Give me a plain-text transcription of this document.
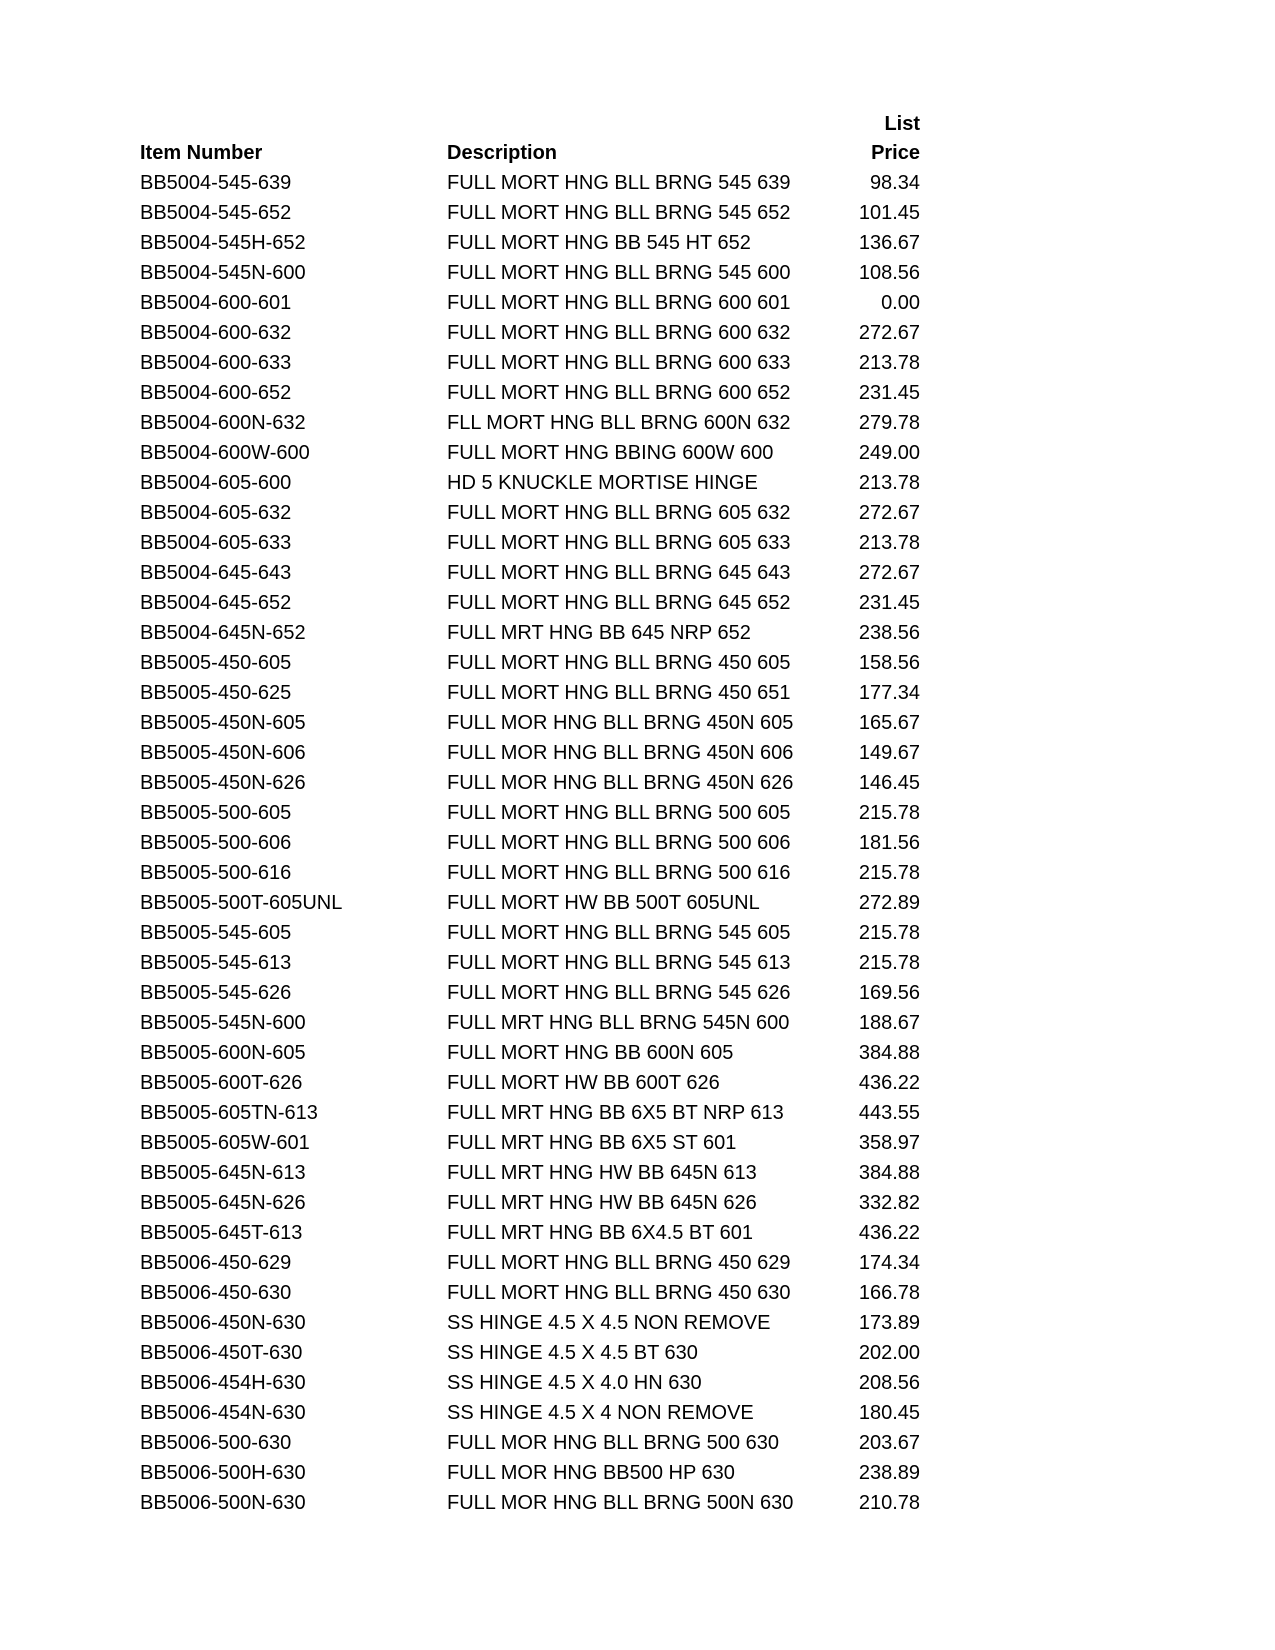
Item Number	Description
List
Price
BB5004-545-639	FULL MORT HNG BLL BRNG 545 639	98.34
BB5004-545-652	FULL MORT HNG BLL BRNG 545 652	101.45
BB5004-545H-652	FULL MORT HNG BB 545 HT 652	136.67
BB5004-545N-600	FULL MORT HNG BLL BRNG 545 600	108.56
BB5004-600-601	FULL MORT HNG BLL BRNG 600 601	0.00
BB5004-600-632	FULL MORT HNG BLL BRNG 600 632	272.67
BB5004-600-633	FULL MORT HNG BLL BRNG 600 633	213.78
BB5004-600-652	FULL MORT HNG BLL BRNG 600 652	231.45
BB5004-600N-632	FLL MORT HNG BLL BRNG 600N 632	279.78
BB5004-600W-600	FULL MORT HNG BBING 600W 600	249.00
BB5004-605-600	HD 5 KNUCKLE MORTISE HINGE	213.78
BB5004-605-632	FULL MORT HNG BLL BRNG 605 632	272.67
BB5004-605-633	FULL MORT HNG BLL BRNG 605 633	213.78
BB5004-645-643	FULL MORT HNG BLL BRNG 645 643	272.67
BB5004-645-652	FULL MORT HNG BLL BRNG 645 652	231.45
BB5004-645N-652	FULL MRT HNG BB 645 NRP 652	238.56
BB5005-450-605	FULL MORT HNG BLL BRNG 450 605	158.56
BB5005-450-625	FULL MORT HNG BLL BRNG 450 651	177.34
BB5005-450N-605	FULL MOR HNG BLL BRNG 450N 605	165.67
BB5005-450N-606	FULL MOR HNG BLL BRNG 450N 606	149.67
BB5005-450N-626	FULL MOR HNG BLL BRNG 450N 626	146.45
BB5005-500-605	FULL MORT HNG BLL BRNG 500 605	215.78
BB5005-500-606	FULL MORT HNG BLL BRNG 500 606	181.56
BB5005-500-616	FULL MORT HNG BLL BRNG 500 616	215.78
BB5005-500T-605UNL	FULL MORT HW BB 500T 605UNL	272.89
BB5005-545-605	FULL MORT HNG BLL BRNG 545 605	215.78
BB5005-545-613	FULL MORT HNG BLL BRNG 545 613	215.78
BB5005-545-626	FULL MORT HNG BLL BRNG 545 626	169.56
BB5005-545N-600	FULL MRT HNG BLL BRNG 545N 600	188.67
BB5005-600N-605	FULL MORT HNG BB 600N 605	384.88
BB5005-600T-626	FULL MORT HW BB 600T 626	436.22
BB5005-605TN-613	FULL MRT HNG BB 6X5 BT NRP 613	443.55
BB5005-605W-601	FULL MRT HNG BB 6X5 ST 601	358.97
BB5005-645N-613	FULL MRT HNG HW BB 645N 613	384.88
BB5005-645N-626	FULL MRT HNG HW BB 645N 626	332.82
BB5005-645T-613	FULL MRT HNG BB 6X4.5 BT 601	436.22
BB5006-450-629	FULL MORT HNG BLL BRNG 450 629	174.34
BB5006-450-630	FULL MORT HNG BLL BRNG 450 630	166.78
BB5006-450N-630	SS HINGE 4.5 X 4.5 NON REMOVE	173.89
BB5006-450T-630	SS HINGE 4.5 X 4.5 BT 630	202.00
BB5006-454H-630	SS HINGE 4.5 X 4.0 HN 630	208.56
BB5006-454N-630	SS HINGE 4.5 X 4 NON REMOVE	180.45
BB5006-500-630	FULL MOR HNG BLL BRNG 500 630	203.67
BB5006-500H-630	FULL MOR HNG BB500 HP 630	238.89
BB5006-500N-630	FULL MOR HNG BLL BRNG 500N 630	210.78
